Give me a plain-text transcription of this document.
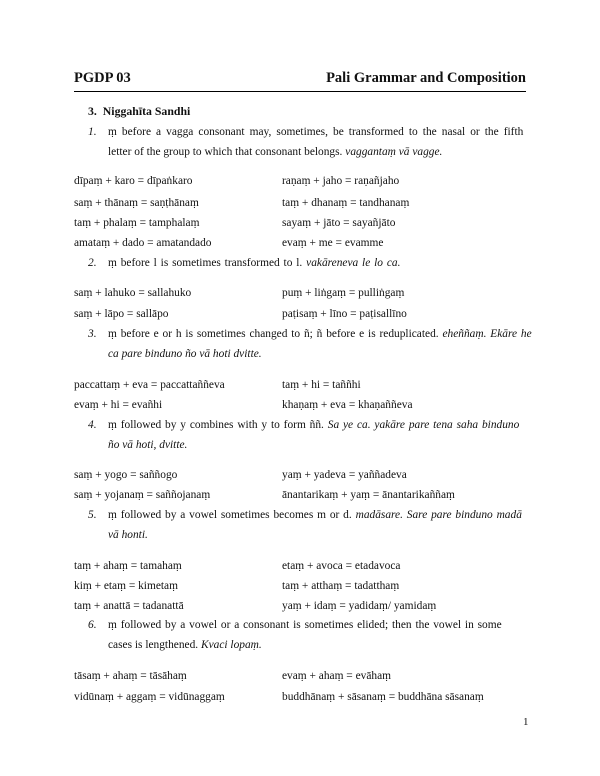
PGDP 03	Pali Grammar and Composition
3. Niggahīta Sandhi
1. ṃ before a vagga consonant may, sometimes, be transformed to the nasal or the fifth
letter of the group to which that consonant belongs. vaggantaṃ vā vagge.
dīpaṃ + karo = dīpaṅkaro	raṇaṃ + jaho = raṇañjaho
saṃ + thānaṃ = saṇṭhānaṃ	taṃ + dhanaṃ = tandhanaṃ
taṃ + phalaṃ = tamphalaṃ	sayaṃ + jāto = sayañjāto
amataṃ + dado = amatandado	evaṃ + me = evamme
2. ṃ before l is sometimes transformed to l. vakārenevа le lo ca.
saṃ + lahuko = sallahuko	puṃ + liṅgaṃ = pulliṅgaṃ
saṃ + lāpo = sallāpo	paṭisaṃ + līno = paṭisallīno
3. ṃ before e or h is sometimes changed to ñ; ñ before e is reduplicated. eheññaṃ. Ekāre he
ca pare binduno ño vā hoti dvitte.
paccattaṃ + eva = paccattaññeva	taṃ + hi = taññhi
evaṃ + hi = evañhi	khaṇaṃ + eva = khaṇaññeva
4. ṃ followed by y combines with y to form ññ. Sa ye ca. yakāre pare tena saha binduno
ño vā hoti, dvitte.
saṃ + yogo = saññogo	yaṃ + yadeva = yaññadeva
saṃ + yojanaṃ = saññojanaṃ	ānantarikaṃ + yaṃ = ānantarikaññaṃ
5. ṃ followed by a vowel sometimes becomes m or d. madāsare. Sare pare binduno madā
vā honti.
taṃ + ahaṃ = tamahaṃ	etaṃ + avoca = etadavoca
kiṃ + etaṃ = kimetaṃ	taṃ + atthaṃ = tadatthaṃ
taṃ + anattā = tadanattā	yaṃ + idaṃ = yadidaṃ/ yamidaṃ
6. ṃ followed by a vowel or a consonant is sometimes elided; then the vowel in some
cases is lengthened. Kvaci lopaṃ.
tāsaṃ + ahaṃ = tāsāhaṃ	evaṃ + ahaṃ = evāhaṃ
vidūnaṃ + aggaṃ = vidūnaggaṃ	buddhānaṃ + sāsanaṃ = buddhāna sāsanaṃ
1
